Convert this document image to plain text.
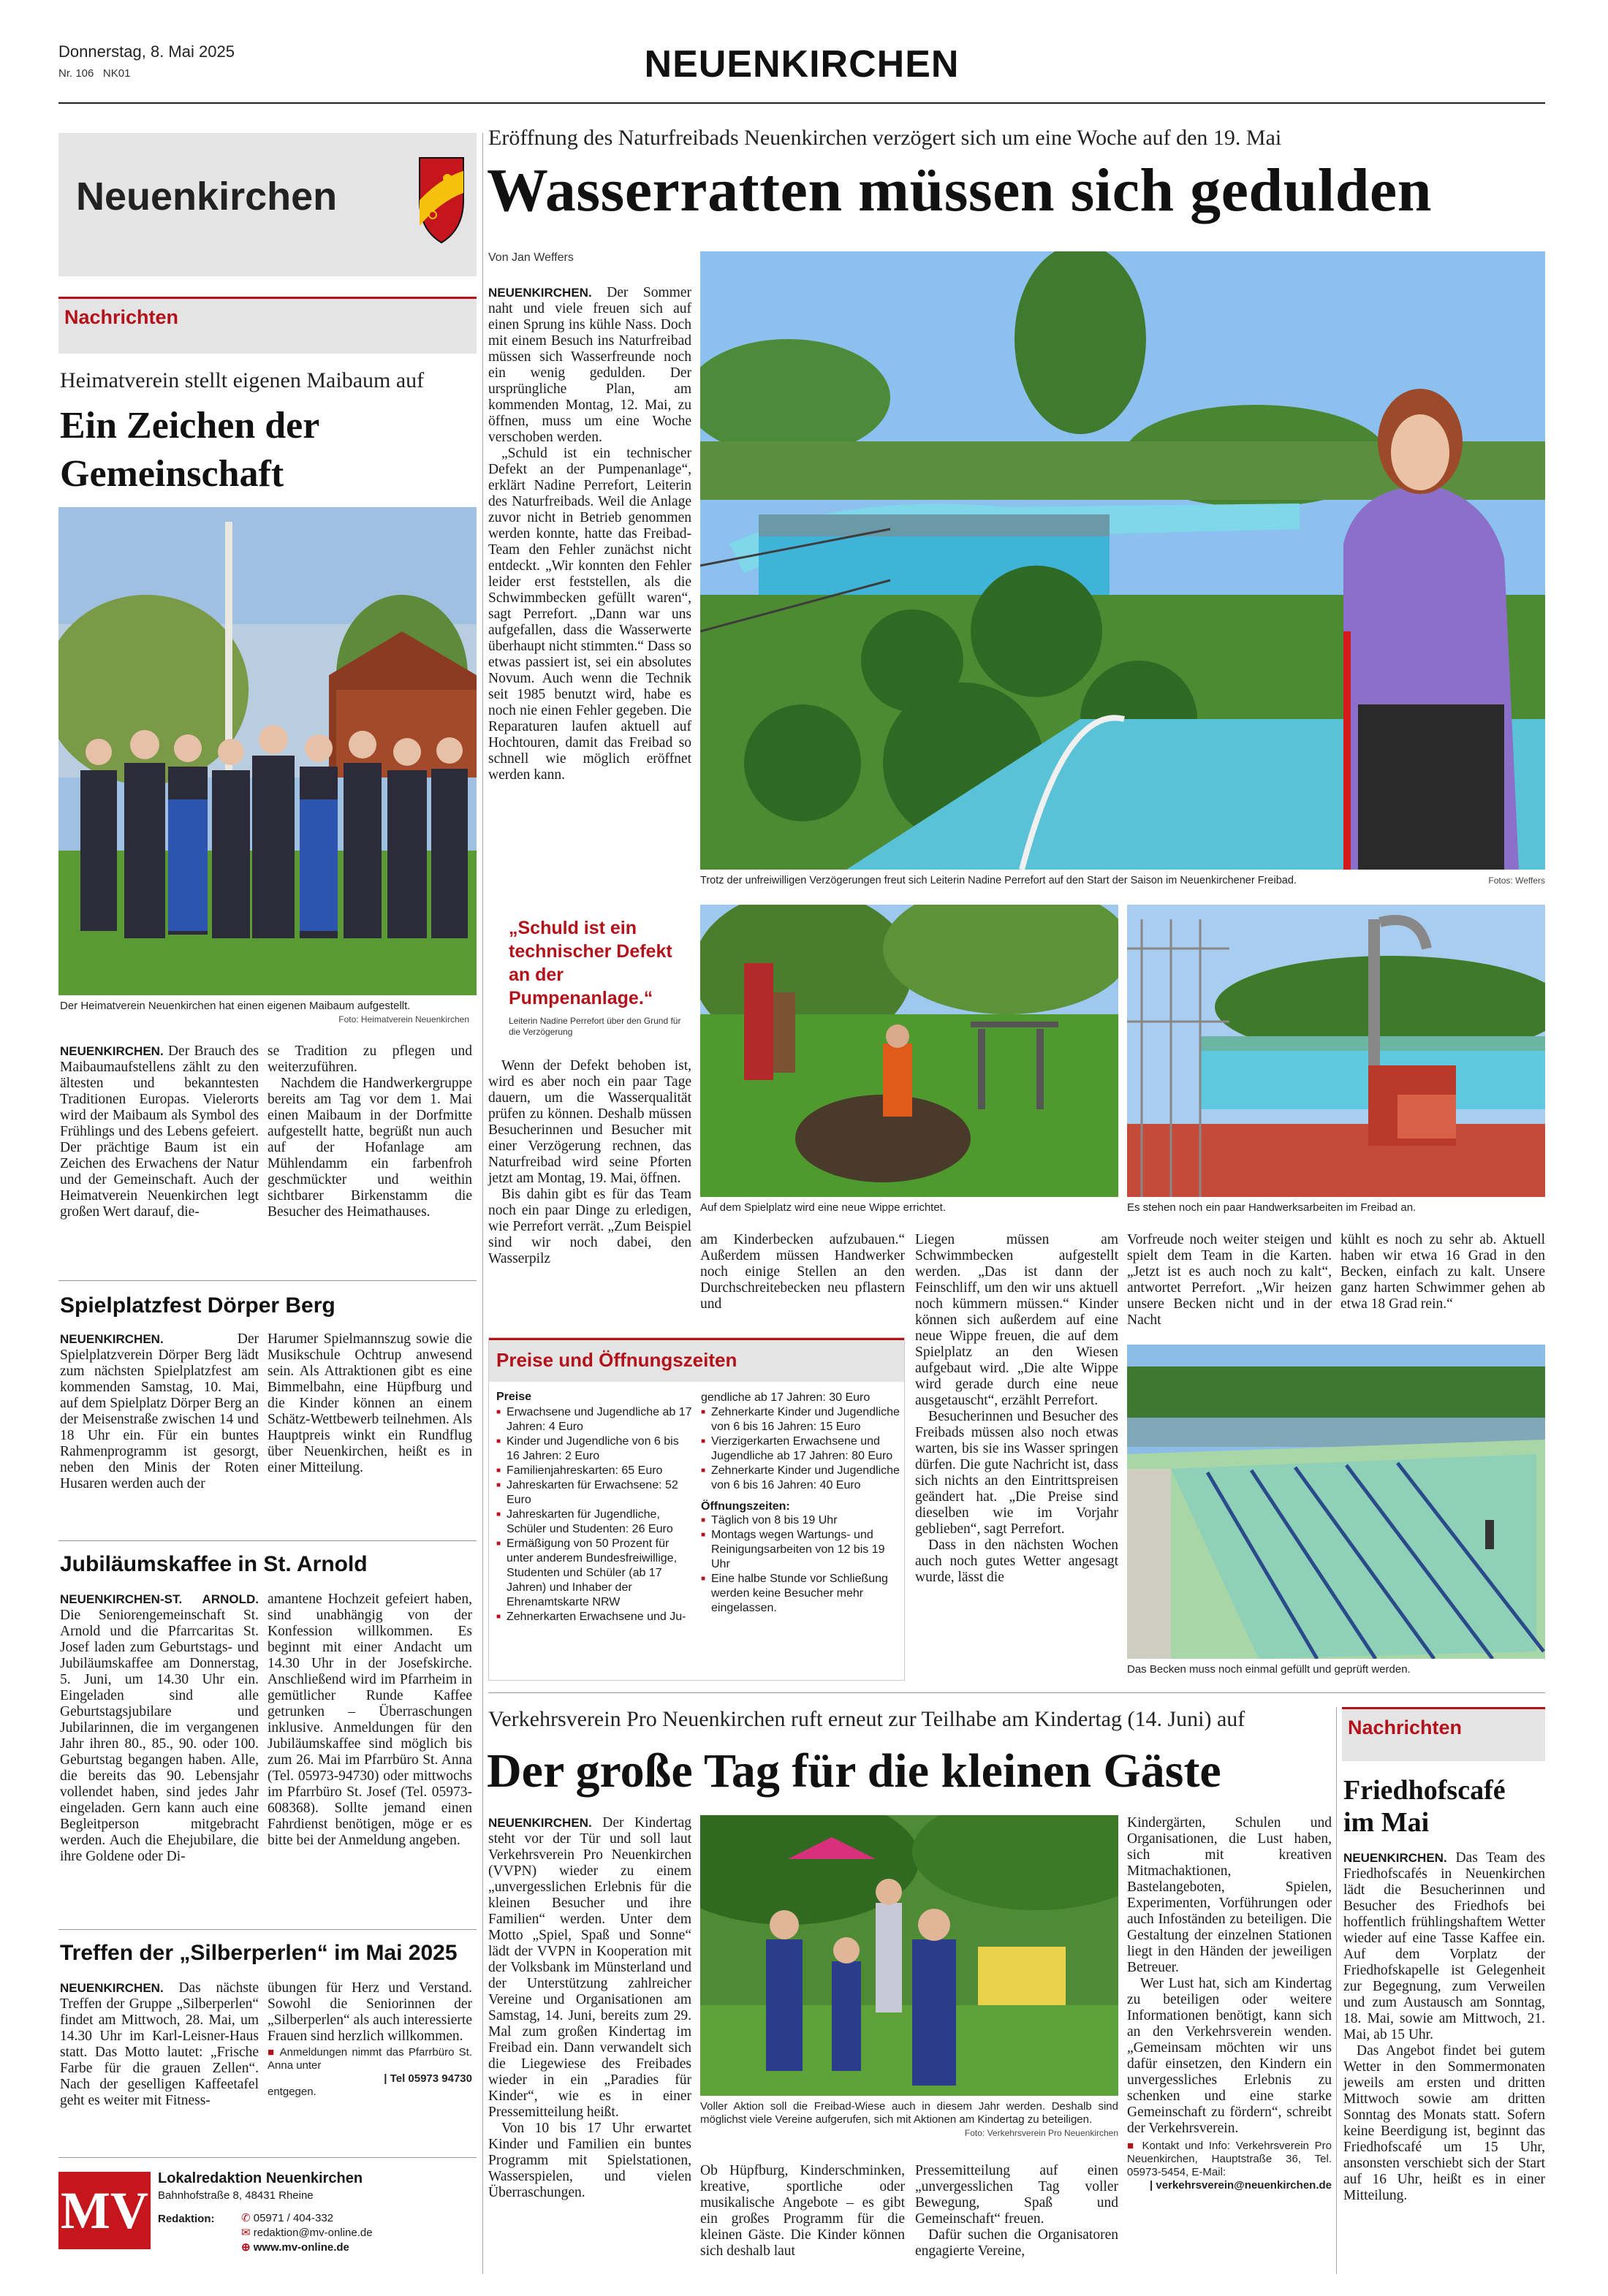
Donnerstag, 8. Mai 2025
Nr. 106 NK01	NEUENKIRCHEN
Neuenkirchen
Nachrichten
Heimatverein stellt eigenen Maibaum auf
Ein Zeichen der Gemeinschaft
Der Heimatverein Neuenkirchen hat einen eigenen Maibaum aufgestellt.
Foto: Heimatverein Neuenkirchen

NEUENKIRCHEN. Der Brauch des Maibaumaufstellens zählt zu den ältesten und bekanntesten Traditionen Europas. Vielerorts wird der Maibaum als Symbol des Frühlings und des Lebens gefeiert. Der prächtige Baum ist ein Zeichen des Erwachens der Natur und der Gemeinschaft. Auch der Heimatverein Neuenkirchen legt großen Wert darauf, die-

se Tradition zu pflegen und weiterzuführen.

Nachdem die Handwerkergruppe bereits am Tag vor dem 1. Mai einen Maibaum in der Dorfmitte aufgestellt hatte, begrüßt nun auch auf der Hofanlage am Mühlendamm ein farbenfroh geschmückter und weithin sichtbarer Birkenstamm die Besucher des Heimathauses.

Spielplatzfest Dörper Berg

NEUENKIRCHEN.	Der Spielplatzverein Dörper Berg lädt zum nächsten Spielplatzfest am kommenden Samstag, 10. Mai, auf dem Spielplatz Dörper Berg an der Meisenstraße zwischen 14 und 18 Uhr ein. Für ein buntes Rahmenprogramm ist gesorgt, neben den Minis der Roten Husaren werden auch der

Harumer Spielmannszug sowie die Musikschule Ochtrup anwesend sein. Als Attraktionen gibt es eine Bimmelbahn, eine Hüpfburg und die Kinder können an einem Schätz-Wettbewerb teilnehmen. Als Hauptpreis winkt ein Rundflug über Neuenkirchen, heißt es in einer Mitteilung.

Jubiläumskaffee in St. Arnold

NEUENKIRCHEN-ST. ARNOLD. Die Seniorengemeinschaft St. Arnold und die Pfarrcaritas St. Josef laden zum Geburtstags- und Jubiläumskaffee am Donnerstag, 5. Juni, um 14.30 Uhr ein. Eingeladen sind alle Geburtstagsjubilare und Jubilarinnen, die im vergangenen Jahr ihren 80., 85., 90. oder 100. Geburtstag begangen haben. Alle, die bereits das 90. Lebensjahr vollendet haben, sind jedes Jahr eingeladen. Gern kann auch eine Begleitperson mitgebracht werden. Auch die Ehejubilare, die ihre Goldene oder Di-

amantene Hochzeit gefeiert haben, sind unabhängig von der Konfession willkommen. Es beginnt mit einer Andacht um 14.30 Uhr in der Josefskirche. Anschließend wird im Pfarrheim in gemütlicher Runde Kaffee getrunken – Überraschungen inklusive. Anmeldungen für den Jubiläumskaffee sind möglich bis zum 26. Mai im Pfarrbüro St. Anna (Tel. 05973-94730) oder mittwochs im Pfarrbüro St. Josef (Tel. 05973-608368). Sollte jemand einen Fahrdienst benötigen, möge er es bitte bei der Anmeldung angeben.

Treffen der „Silberperlen“ im Mai 2025

NEUENKIRCHEN. Das nächste Treffen der Gruppe „Silberperlen“ findet am Mittwoch, 28. Mai, um 14.30 Uhr im Karl-Leisner-Haus statt. Das Motto lautet: „Frische Farbe für die grauen Zellen“. Nach der geselligen Kaffeetafel geht es weiter mit Fitness-

übungen für Herz und Verstand. Sowohl die Seniorinnen der „Silberperlen“ als auch interessierte Frauen sind herzlich willkommen.

■ Anmeldungen nimmt das Pfarrbüro St. Anna unter
| Tel 05973 94730
entgegen.
MV
Lokalredaktion Neuenkirchen
Bahnhofstraße 8, 48431 Rheine
Redaktion: ✆ 05971 / 404-332
✉ redaktion@mv-online.de
⊕ www.mv-online.de
Eröffnung des Naturfreibads Neuenkirchen verzögert sich um eine Woche auf den 19. Mai
Wasserratten müssen sich gedulden
Von Jan Weffers

NEUENKIRCHEN. Der Sommer naht und viele freuen sich auf einen Sprung ins kühle Nass. Doch mit einem Besuch ins Naturfreibad müssen sich Wasserfreunde noch ein wenig gedulden. Der ursprüngliche Plan, am kommenden Montag, 12. Mai, zu öffnen, muss um eine Woche verschoben werden.

„Schuld ist ein technischer Defekt an der Pumpenanlage“, erklärt Nadine Perrefort, Leiterin des Naturfreibads. Weil die Anlage zuvor nicht in Betrieb genommen werden konnte, hatte das Freibad-Team den Fehler zunächst nicht entdeckt. „Wir konnten den Fehler leider erst feststellen, als die Schwimmbecken gefüllt waren“, sagt Perrefort. „Dann war uns aufgefallen, dass die Wasserwerte überhaupt nicht stimmten.“ Dass so etwas passiert ist, sei ein absolutes Novum. Auch wenn die Technik seit 1985 benutzt wird, habe es noch nie einen Fehler gegeben. Die Reparaturen laufen aktuell auf Hochtouren, damit das Freibad so schnell wie möglich eröffnet werden kann.

Trotz der unfreiwilligen Verzögerungen freut sich Leiterin Nadine Perrefort auf den Start der Saison im Neuenkirchener Freibad.	Fotos: Weffers
„Schuld ist ein technischer Defekt an der Pumpenanlage.“
Leiterin Nadine Perrefort über den Grund für die Verzögerung

Wenn der Defekt behoben ist, wird es aber noch ein paar Tage dauern, um die Wasserqualität prüfen zu können. Deshalb müssen Besucherinnen und Besucher mit einer Verzögerung rechnen, das Naturfreibad wird seine Pforten jetzt am Montag, 19. Mai, öffnen.

Bis dahin gibt es für das Team noch ein paar Dinge zu erledigen, wie Perrefort verrät. „Zum Beispiel sind wir noch dabei, den Wasserpilz

Auf dem Spielplatz wird eine neue Wippe errichtet.	Es stehen noch ein paar Handwerksarbeiten im Freibad an.

am Kinderbecken aufzubauen.“ Außerdem müssen Handwerker noch einige Stellen an den Durchschreitebecken neu pflastern und

Liegen müssen am Schwimmbecken aufgestellt werden. „Das ist dann der Feinschliff, um den wir uns aktuell noch kümmern müssen.“ Kinder können sich außerdem auf eine neue Wippe freuen, die auf dem Spielplatz an den Wiesen aufgebaut wird. „Die alte Wippe wird gerade durch eine neue ausgetauscht“, erzählt Perrefort.

Besucherinnen und Besucher des Freibads müssen also noch etwas warten, bis sie ins Wasser springen dürfen. Die gute Nachricht ist, dass sich nichts an den Eintrittspreisen geändert hat. „Die Preise sind dieselben wie im Vorjahr geblieben“, sagt Perrefort.

Dass in den nächsten Wochen auch noch gutes Wetter angesagt wurde, lässt die

Vorfreude noch weiter steigen und spielt dem Team in die Karten. „Jetzt ist es auch noch zu kalt“, antwortet Perrefort. „Wir heizen unsere Becken nicht und in der Nacht

kühlt es noch zu sehr ab. Aktuell haben wir etwa 16 Grad in den Becken, einfach zu kalt. Unsere ganz harten Schwimmer gehen ab etwa 18 Grad rein.“

Preise und Öffnungszeiten
Preise
■ Erwachsene und Jugendliche ab 17 Jahren: 4 Euro
■ Kinder und Jugendliche von 6 bis 16 Jahren: 2 Euro
■ Familienjahreskarten: 65 Euro
■ Jahreskarten für Erwachsene: 52 Euro
■ Jahreskarten für Jugendliche, Schüler und Studenten: 26 Euro
■ Ermäßigung von 50 Prozent für unter anderem Bundesfreiwillige, Studenten und Schüler (ab 17 Jahren) und Inhaber der Ehrenamtskarte NRW
■ Zehnerkarten Erwachsene und Ju-
gendliche ab 17 Jahren: 30 Euro
■ Zehnerkarte Kinder und Jugendliche von 6 bis 16 Jahren: 15 Euro
■ Vierzigerkarten Erwachsene und Jugendliche ab 17 Jahren: 80 Euro
■ Zehnerkarte Kinder und Jugendliche von 6 bis 16 Jahren: 40 Euro
Öffnungszeiten:
■ Täglich von 8 bis 19 Uhr
■ Montags wegen Wartungs- und Reinigungsarbeiten von 12 bis 19 Uhr
■ Eine halbe Stunde vor Schließung werden keine Besucher mehr eingelassen.
Das Becken muss noch einmal gefüllt und geprüft werden.
Verkehrsverein Pro Neuenkirchen ruft erneut zur Teilhabe am Kindertag (14. Juni) auf
Der große Tag für die kleinen Gäste

NEUENKIRCHEN. Der Kindertag steht vor der Tür und soll laut Verkehrsverein Pro Neuenkirchen (VVPN) wieder zu einem „unvergesslichen Erlebnis für die kleinen Besucher und ihre Familien“ werden. Unter dem Motto „Spiel, Spaß und Sonne“ lädt der VVPN in Kooperation mit der Volksbank im Münsterland und der Unterstützung zahlreicher Vereine und Organisationen am Samstag, 14. Juni, bereits zum 29. Mal zum großen Kindertag im Freibad ein. Dann verwandelt sich die Liegewiese des Freibades wieder in ein „Paradies für Kinder“, wie es in einer Pressemitteilung heißt.

Von 10 bis 17 Uhr erwartet Kinder und Familien ein buntes Programm mit Spielstationen, Wasserspielen, und vielen Überraschungen.

Voller Aktion soll die Freibad-Wiese auch in diesem Jahr werden. Deshalb sind möglichst viele Vereine aufgerufen, sich mit Aktionen am Kindertag zu beteiligen.
Foto: Verkehrsverein Pro Neuenkirchen

Ob Hüpfburg, Kinderschminken, kreative, sportliche oder musikalische Angebote – es gibt ein großes Programm für die kleinen Gäste. Die Kinder können sich deshalb laut

Pressemitteilung auf einen „unvergesslichen Tag voller Bewegung, Spaß und Gemeinschaft“ freuen.

Dafür suchen die Organisatoren engagierte Vereine,

Kindergärten, Schulen und Organisationen, die Lust haben, sich mit kreativen Mitmachaktionen, Bastelangeboten, Spielen, Experimenten, Vorführungen oder auch Infoständen zu beteiligen. Die Gestaltung der einzelnen Stationen liegt in den Händen der jeweiligen Betreuer.

Wer Lust hat, sich am Kindertag zu beteiligen oder weitere Informationen benötigt, kann sich an den Verkehrsverein wenden. „Gemeinsam möchten wir uns dafür einsetzen, den Kindern ein unvergessliches Erlebnis zu schenken und eine starke Gemeinschaft zu fördern“, schreibt der Verkehrsverein.

■ Kontakt und Info: Verkehrsverein Pro Neuenkirchen, Hauptstraße 36, Tel. 05973-5454, E-Mail:
| verkehrsverein@neuenkirchen.de
Nachrichten
Friedhofscafé im Mai

NEUENKIRCHEN. Das Team des Friedhofscafés in Neuenkirchen lädt die Besucherinnen und Besucher des Friedhofs bei hoffentlich frühlingshaftem Wetter wieder auf eine Tasse Kaffee ein. Auf dem Vorplatz der Friedhofskapelle ist Gelegenheit zur Begegnung, zum Verweilen und zum Austausch am Sonntag, 18. Mai, sowie am Mittwoch, 21. Mai, ab 15 Uhr.

Das Angebot findet bei gutem Wetter in den Sommermonaten jeweils am ersten und dritten Mittwoch sowie am dritten Sonntag des Monats statt. Sofern keine Beerdigung ist, beginnt das Friedhofscafé um 15 Uhr, ansonsten verschiebt sich der Start auf 16 Uhr, heißt es in einer Mitteilung.
